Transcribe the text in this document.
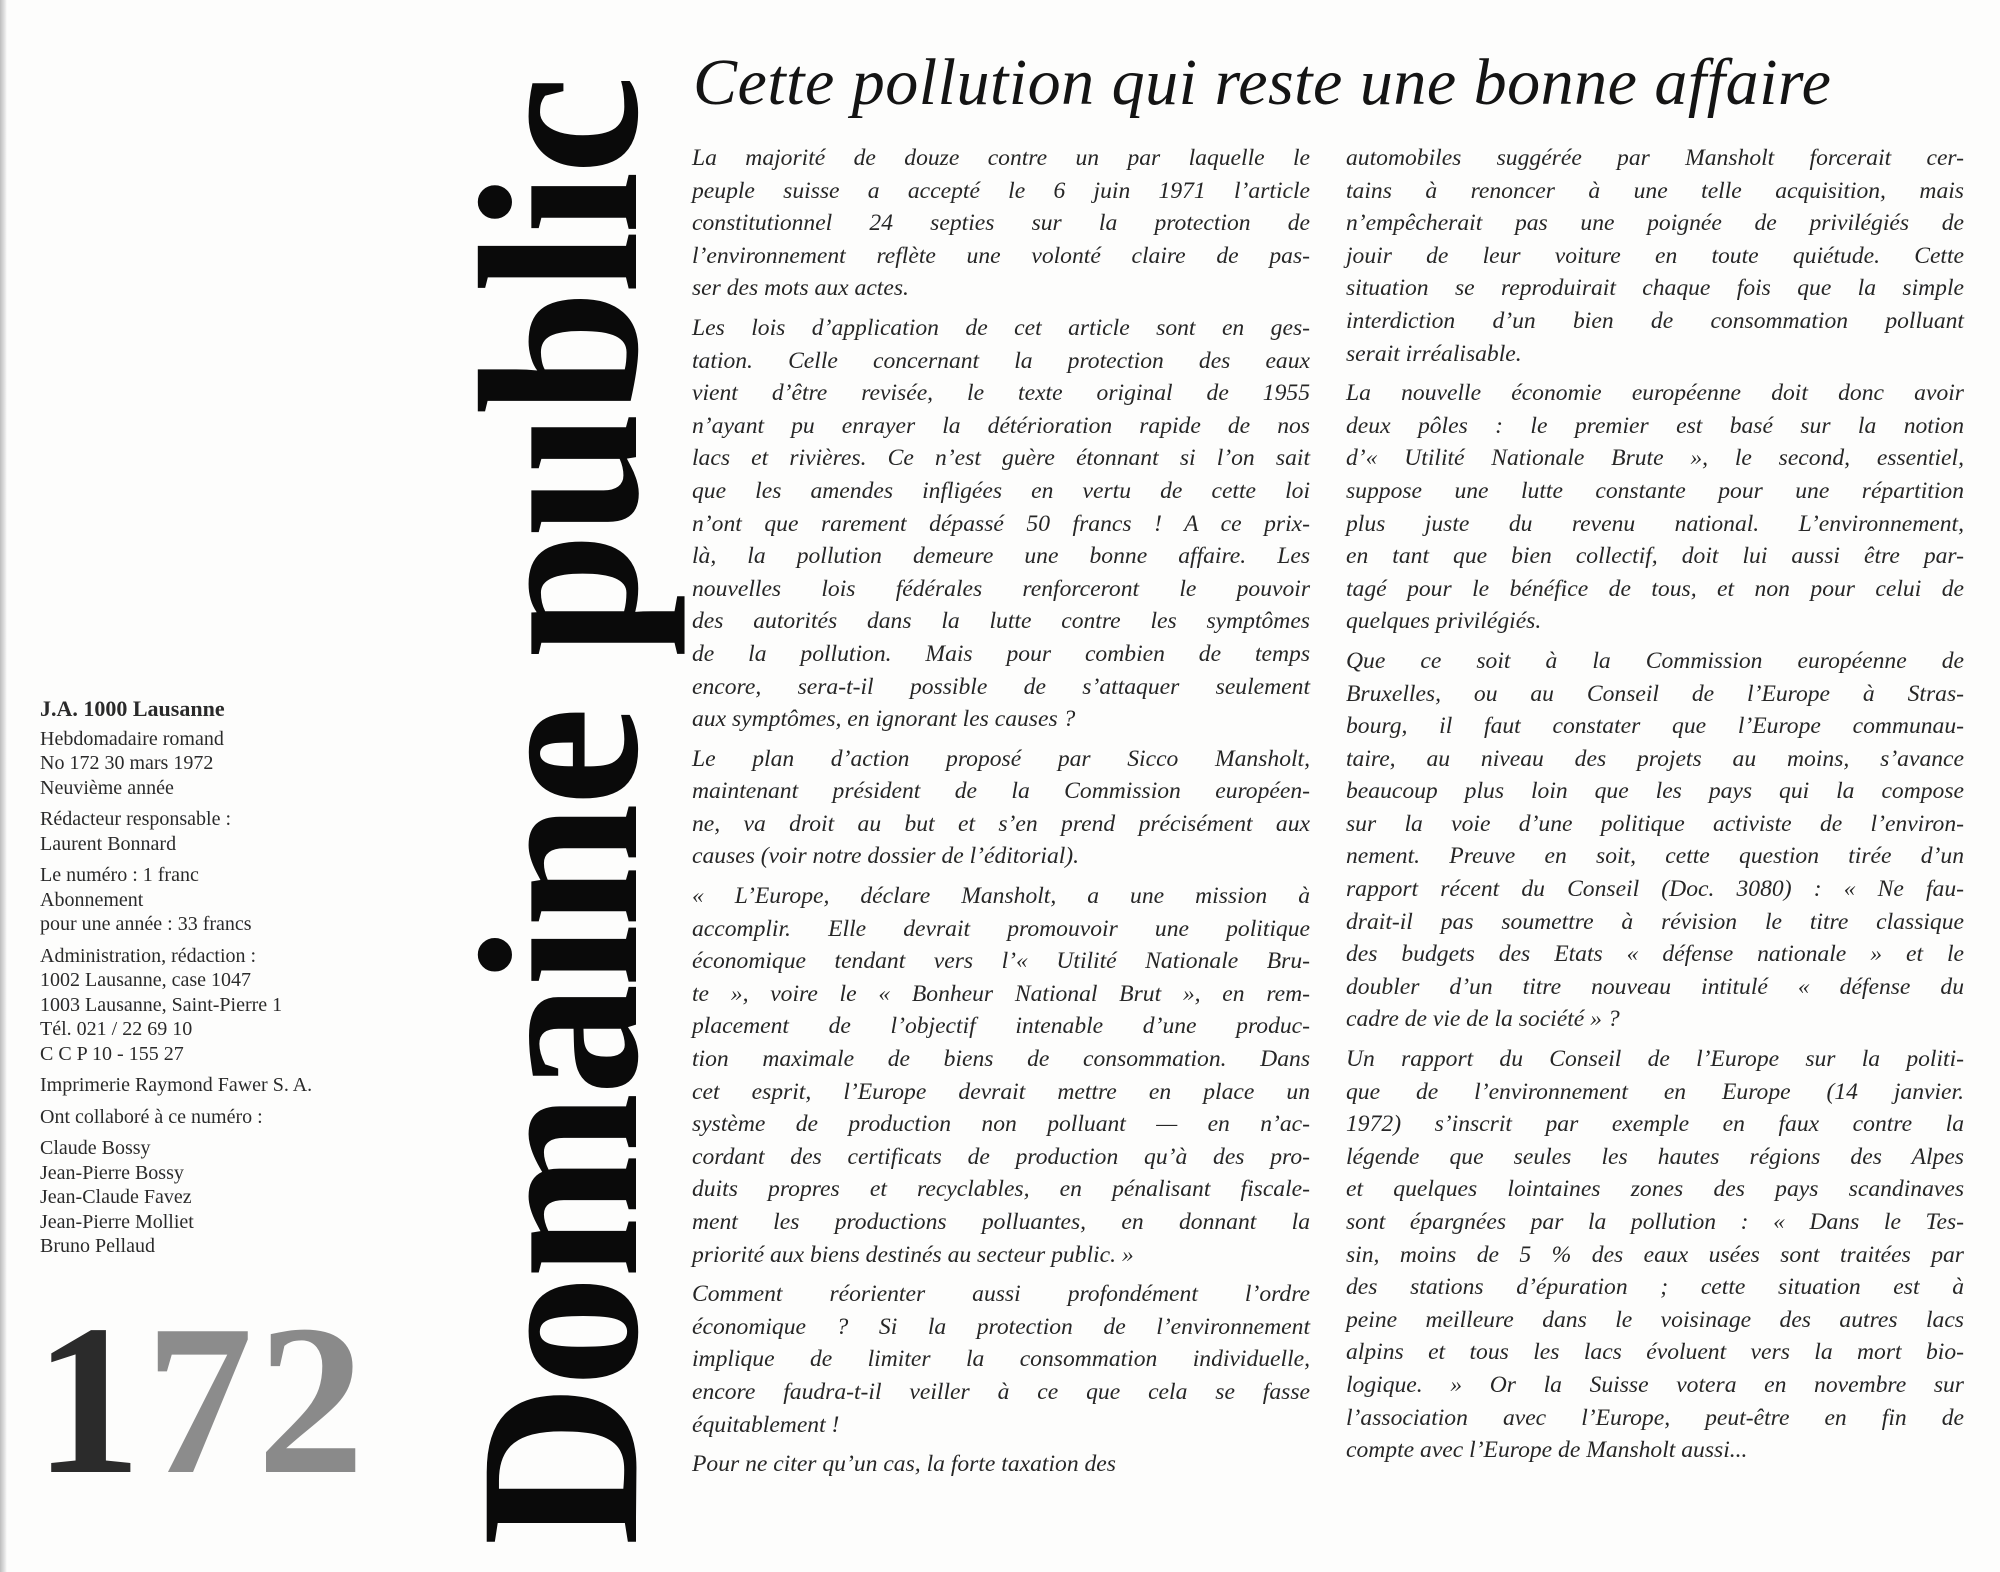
J.A. 1000 Lausanne
Hebdomadaire romand
No 172 30 mars 1972
Neuvième année
Rédacteur responsable :
Laurent Bonnard
Le numéro : 1 franc
Abonnement
pour une année : 33 francs
Administration, rédaction :
1002 Lausanne, case 1047
1003 Lausanne, Saint-Pierre 1
Tél. 021 / 22 69 10
C C P 10 - 155 27
Imprimerie Raymond Fawer S. A.
Ont collaboré à ce numéro :
Claude Bossy
Jean-Pierre Bossy
Jean-Claude Favez
Jean-Pierre Molliet
Bruno Pellaud
172 Domaine public Cette pollution qui reste une bonne affaire

La majorité de douze contre un par laquelle le
peuple suisse a accepté le 6 juin 1971 l’article
constitutionnel 24 septies sur la protection de
l’environnement reflète une volonté claire de pas-
ser des mots aux actes.

Les lois d’application de cet article sont en ges-
tation. Celle concernant la protection des eaux
vient d’être revisée, le texte original de 1955
n’ayant pu enrayer la détérioration rapide de nos
lacs et rivières. Ce n’est guère étonnant si l’on sait
que les amendes infligées en vertu de cette loi
n’ont que rarement dépassé 50 francs ! A ce prix-
là, la pollution demeure une bonne affaire. Les
nouvelles lois fédérales renforceront le pouvoir
des autorités dans la lutte contre les symptômes
de la pollution. Mais pour combien de temps
encore, sera-t-il possible de s’attaquer seulement
aux symptômes, en ignorant les causes ?

Le plan d’action proposé par Sicco Mansholt,
maintenant président de la Commission européen-
ne, va droit au but et s’en prend précisément aux
causes (voir notre dossier de l’éditorial).

« L’Europe, déclare Mansholt, a une mission à
accomplir. Elle devrait promouvoir une politique
économique tendant vers l’« Utilité Nationale Bru-
te », voire le « Bonheur National Brut », en rem-
placement de l’objectif intenable d’une produc-
tion maximale de biens de consommation. Dans
cet esprit, l’Europe devrait mettre en place un
système de production non polluant — en n’ac-
cordant des certificats de production qu’à des pro-
duits propres et recyclables, en pénalisant fiscale-
ment les productions polluantes, en donnant la
priorité aux biens destinés au secteur public. »

Comment réorienter aussi profondément l’ordre
économique ? Si la protection de l’environnement
implique de limiter la consommation individuelle,
encore faudra-t-il veiller à ce que cela se fasse
équitablement !

Pour ne citer qu’un cas, la forte taxation des

automobiles suggérée par Mansholt forcerait cer-
tains à renoncer à une telle acquisition, mais
n’empêcherait pas une poignée de privilégiés de
jouir de leur voiture en toute quiétude. Cette
situation se reproduirait chaque fois que la simple
interdiction d’un bien de consommation polluant
serait irréalisable.

La nouvelle économie européenne doit donc avoir
deux pôles : le premier est basé sur la notion
d’« Utilité Nationale Brute », le second, essentiel,
suppose une lutte constante pour une répartition
plus juste du revenu national. L’environnement,
en tant que bien collectif, doit lui aussi être par-
tagé pour le bénéfice de tous, et non pour celui de
quelques privilégiés.

Que ce soit à la Commission européenne de
Bruxelles, ou au Conseil de l’Europe à Stras-
bourg, il faut constater que l’Europe communau-
taire, au niveau des projets au moins, s’avance
beaucoup plus loin que les pays qui la compose
sur la voie d’une politique activiste de l’environ-
nement. Preuve en soit, cette question tirée d’un
rapport récent du Conseil (Doc. 3080) : « Ne fau-
drait-il pas soumettre à révision le titre classique
des budgets des Etats « défense nationale » et le
doubler d’un titre nouveau intitulé « défense du
cadre de vie de la société » ?

Un rapport du Conseil de l’Europe sur la politi-
que de l’environnement en Europe (14 janvier.
1972) s’inscrit par exemple en faux contre la
légende que seules les hautes régions des Alpes
et quelques lointaines zones des pays scandinaves
sont épargnées par la pollution : « Dans le Tes-
sin, moins de 5 % des eaux usées sont traitées par
des stations d’épuration ; cette situation est à
peine meilleure dans le voisinage des autres lacs
alpins et tous les lacs évoluent vers la mort bio-
logique. » Or la Suisse votera en novembre sur
l’association avec l’Europe, peut-être en fin de
compte avec l’Europe de Mansholt aussi...
